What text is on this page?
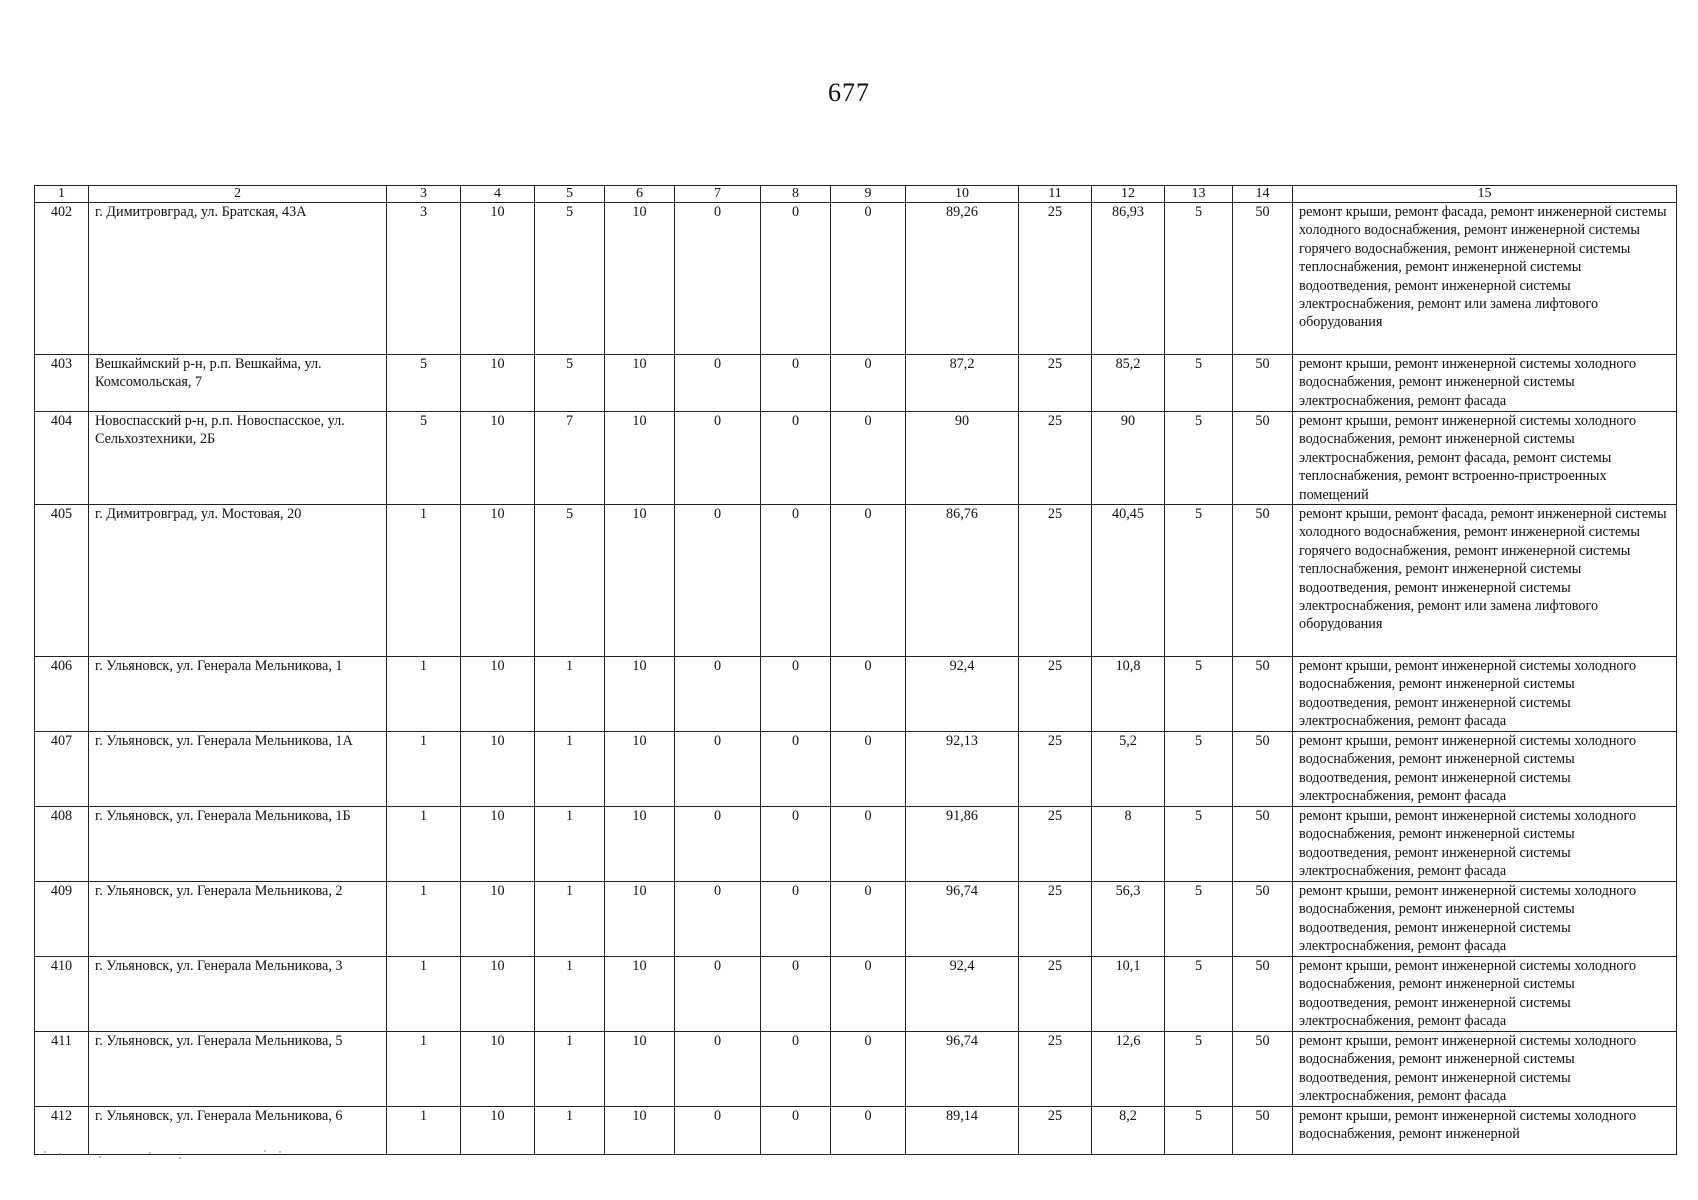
677
1	2	3	4	5	6	7	8	9	10	11	12	13	14	15
402	г. Димитровград, ул. Братская, 43А	3	10	5	10	0	0	0	89,26	25	86,93	5	50	ремонт крыши, ремонт фасада, ремонт инженерной системы холодного водоснабжения, ремонт инженерной системы горячего водоснабжения, ремонт инженерной системы теплоснабжения, ремонт инженерной системы водоотведения, ремонт инженерной системы электроснабжения, ремонт или замена лифтового оборудования
403	Вешкаймский р-н, р.п. Вешкайма, ул. Комсомольская, 7	5	10	5	10	0	0	0	87,2	25	85,2	5	50	ремонт крыши, ремонт инженерной системы холодного водоснабжения, ремонт инженерной системы электроснабжения, ремонт фасада
404	Новоспасский р-н, р.п. Новоспасское, ул. Сельхозтехники, 2Б	5	10	7	10	0	0	0	90	25	90	5	50	ремонт крыши, ремонт инженерной системы холодного водоснабжения, ремонт инженерной системы электроснабжения, ремонт фасада, ремонт системы теплоснабжения, ремонт встроенно-пристроенных помещений
405	г. Димитровград, ул. Мостовая, 20	1	10	5	10	0	0	0	86,76	25	40,45	5	50	ремонт крыши, ремонт фасада, ремонт инженерной системы холодного водоснабжения, ремонт инженерной системы горячего водоснабжения, ремонт инженерной системы теплоснабжения, ремонт инженерной системы водоотведения, ремонт инженерной системы электроснабжения, ремонт или замена лифтового оборудования
406	г. Ульяновск, ул. Генерала Мельникова, 1	1	10	1	10	0	0	0	92,4	25	10,8	5	50	ремонт крыши, ремонт инженерной системы холодного водоснабжения, ремонт инженерной системы водоотведения, ремонт инженерной системы электроснабжения, ремонт фасада
407	г. Ульяновск, ул. Генерала Мельникова, 1А	1	10	1	10	0	0	0	92,13	25	5,2	5	50	ремонт крыши, ремонт инженерной системы холодного водоснабжения, ремонт инженерной системы водоотведения, ремонт инженерной системы электроснабжения, ремонт фасада
408	г. Ульяновск, ул. Генерала Мельникова, 1Б	1	10	1	10	0	0	0	91,86	25	8	5	50	ремонт крыши, ремонт инженерной системы холодного водоснабжения, ремонт инженерной системы водоотведения, ремонт инженерной системы электроснабжения, ремонт фасада
409	г. Ульяновск, ул. Генерала Мельникова, 2	1	10	1	10	0	0	0	96,74	25	56,3	5	50	ремонт крыши, ремонт инженерной системы холодного водоснабжения, ремонт инженерной системы водоотведения, ремонт инженерной системы электроснабжения, ремонт фасада
410	г. Ульяновск, ул. Генерала Мельникова, 3	1	10	1	10	0	0	0	92,4	25	10,1	5	50	ремонт крыши, ремонт инженерной системы холодного водоснабжения, ремонт инженерной системы водоотведения, ремонт инженерной системы электроснабжения, ремонт фасада
411	г. Ульяновск, ул. Генерала Мельникова, 5	1	10	1	10	0	0	0	96,74	25	12,6	5	50	ремонт крыши, ремонт инженерной системы холодного водоснабжения, ремонт инженерной системы водоотведения, ремонт инженерной системы электроснабжения, ремонт фасада
412	г. Ульяновск, ул. Генерала Мельникова, 6	1	10	1	10	0	0	0	89,14	25	8,2	5	50	ремонт крыши, ремонт инженерной системы холодного водоснабжения, ремонт инженерной
